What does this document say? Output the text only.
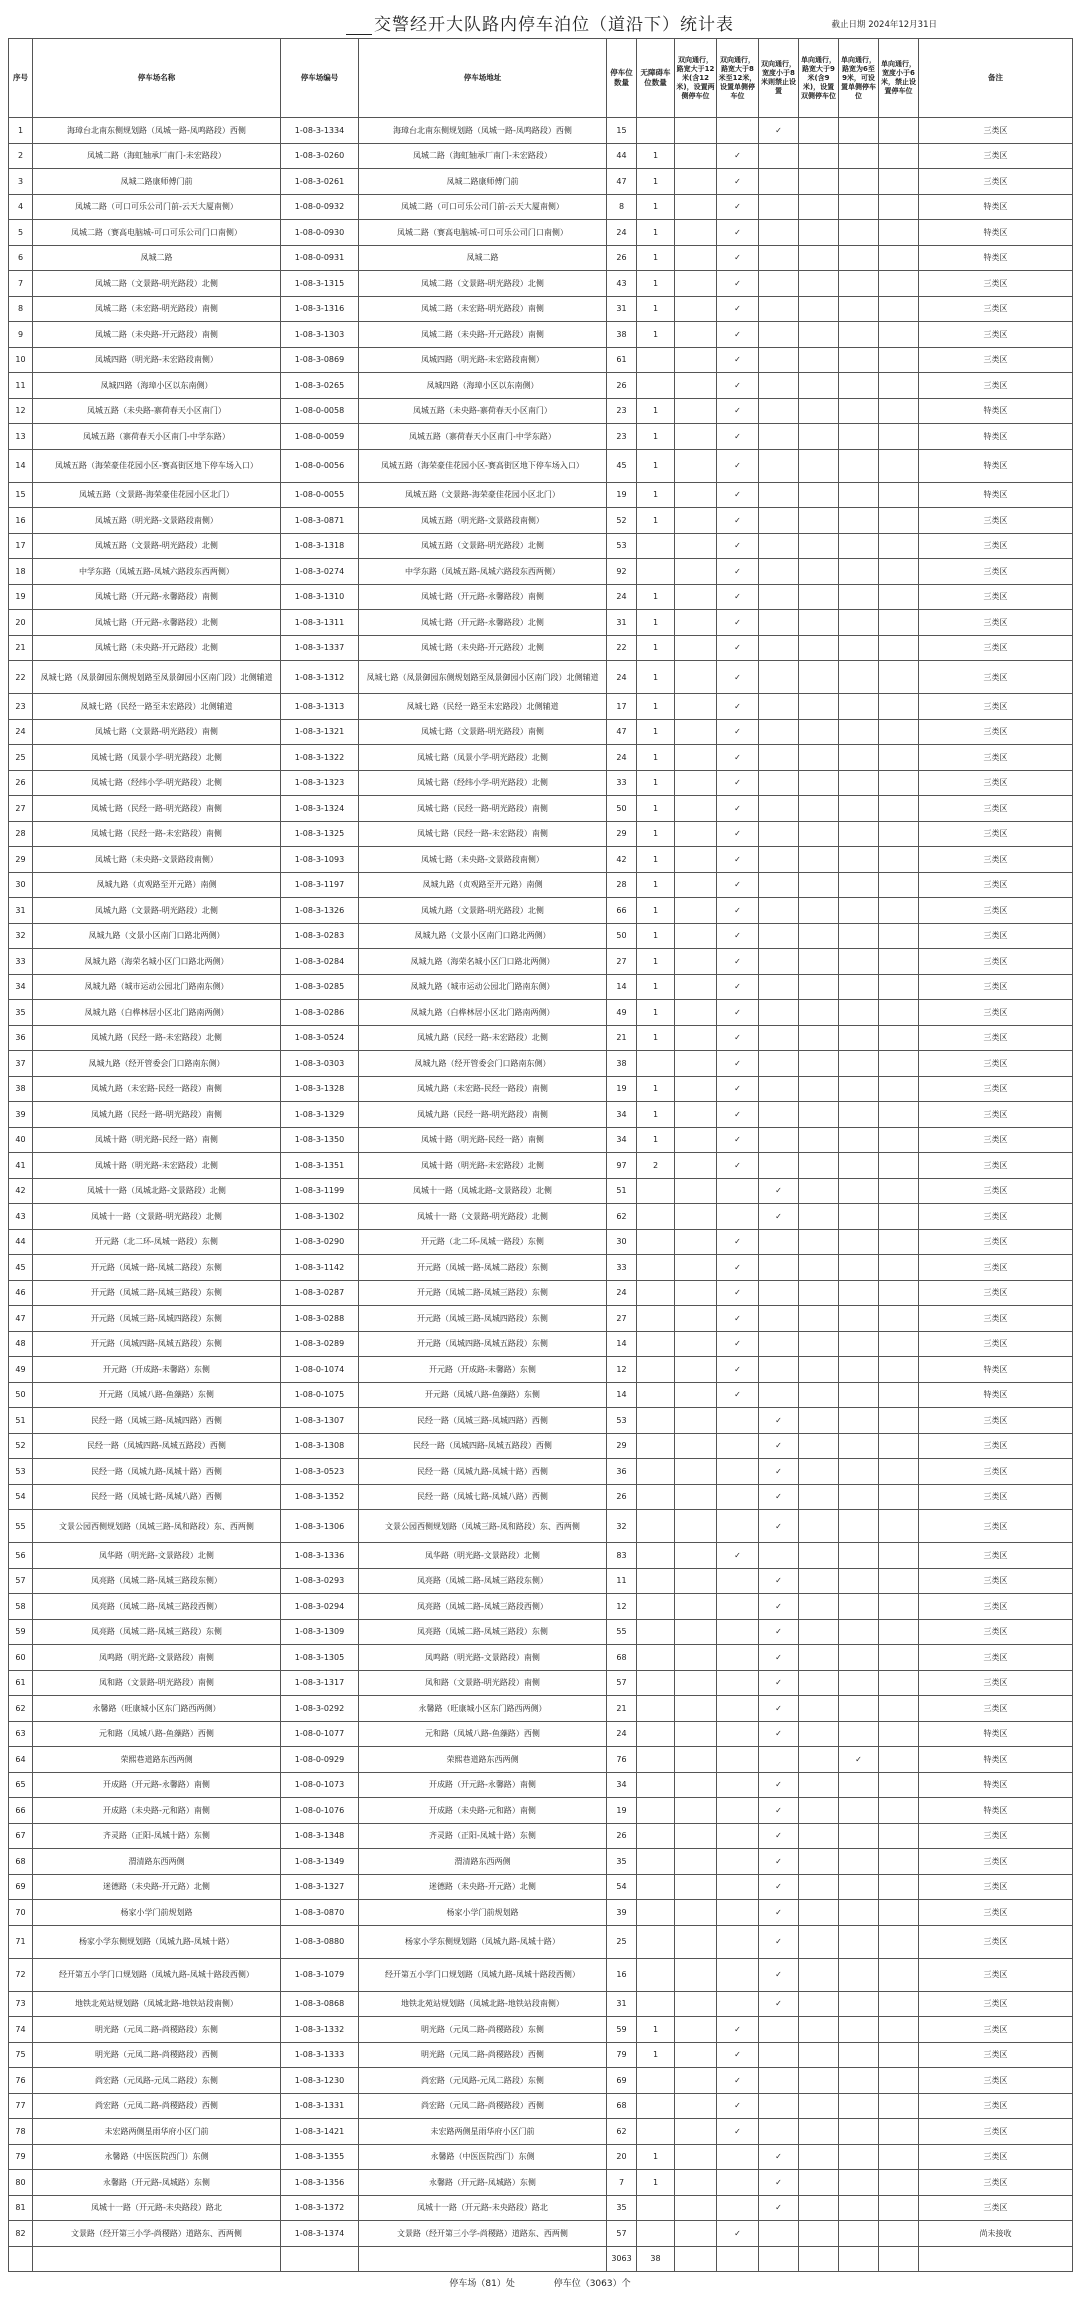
交警经开大队路内停车泊位（道沿下）统计表	截止日期 2024年12月31日
序号	停车场名称	停车场编号	停车场地址	停车位数量	无障碍车位数量	双向通行，路宽大于12米(含12米)，设置两侧停车位	双向通行，路宽大于8米至12米，设置单侧停车位	双向通行，宽度小于8米则禁止设置	单向通行，路宽大于9米(含9米)，设置双侧停车位	单向通行，路宽为6至9米，可设置单侧停车位	单向通行，宽度小于6米，禁止设置停车位	备注
1	海璋台北南东侧规划路（凤城一路-凤鸣路段）西侧	1-08-3-1334	海璋台北南东侧规划路（凤城一路-凤鸣路段）西侧	15				✓				三类区
2	凤城二路（海虹轴承厂南门-未宏路段）	1-08-3-0260	凤城二路（海虹轴承厂南门-未宏路段）	44	1		✓					三类区
3	凤城二路康师傅门前	1-08-3-0261	凤城二路康师傅门前	47	1		✓					三类区
4	凤城二路（可口可乐公司门前-云天大厦南侧）	1-08-0-0932	凤城二路（可口可乐公司门前-云天大厦南侧）	8	1		✓					特类区
5	凤城二路（赛高电脑城-可口可乐公司门口南侧）	1-08-0-0930	凤城二路（赛高电脑城-可口可乐公司门口南侧）	24	1		✓					特类区
6	凤城二路	1-08-0-0931	凤城二路	26	1		✓					特类区
7	凤城二路（文景路-明光路段）北侧	1-08-3-1315	凤城二路（文景路-明光路段）北侧	43	1		✓					三类区
8	凤城二路（未宏路-明光路段）南侧	1-08-3-1316	凤城二路（未宏路-明光路段）南侧	31	1		✓					三类区
9	凤城二路（未央路-开元路段）南侧	1-08-3-1303	凤城二路（未央路-开元路段）南侧	38	1		✓					三类区
10	凤城四路（明光路-未宏路段南侧）	1-08-3-0869	凤城四路（明光路-未宏路段南侧）	61			✓					三类区
11	凤城四路（海璋小区以东南侧）	1-08-3-0265	凤城四路（海璋小区以东南侧）	26			✓					三类区
12	凤城五路（未央路-寨荷春天小区南门）	1-08-0-0058	凤城五路（未央路-寨荷春天小区南门）	23	1		✓					特类区
13	凤城五路（寨荷春天小区南门-中学东路）	1-08-0-0059	凤城五路（寨荷春天小区南门-中学东路）	23	1		✓					特类区
14	凤城五路（海荣豪佳花园小区-赛高街区地下停车场入口）	1-08-0-0056	凤城五路（海荣豪佳花园小区-赛高街区地下停车场入口）	45	1		✓					特类区
15	凤城五路（文景路-海荣豪佳花园小区北门）	1-08-0-0055	凤城五路（文景路-海荣豪佳花园小区北门）	19	1		✓					特类区
16	凤城五路（明光路-文景路段南侧）	1-08-3-0871	凤城五路（明光路-文景路段南侧）	52	1		✓					三类区
17	凤城五路（文景路-明光路段）北侧	1-08-3-1318	凤城五路（文景路-明光路段）北侧	53			✓					三类区
18	中学东路（凤城五路-凤城六路段东西两侧）	1-08-3-0274	中学东路（凤城五路-凤城六路段东西两侧）	92			✓					三类区
19	凤城七路（开元路-永馨路段）南侧	1-08-3-1310	凤城七路（开元路-永馨路段）南侧	24	1		✓					三类区
20	凤城七路（开元路-永馨路段）北侧	1-08-3-1311	凤城七路（开元路-永馨路段）北侧	31	1		✓					三类区
21	凤城七路（未央路-开元路段）北侧	1-08-3-1337	凤城七路（未央路-开元路段）北侧	22	1		✓					三类区
22	凤城七路（凤景御园东侧规划路至凤景御园小区南门段）北侧辅道	1-08-3-1312	凤城七路（凤景御园东侧规划路至凤景御园小区南门段）北侧辅道	24	1		✓					三类区
23	凤城七路（民经一路至未宏路段）北侧辅道	1-08-3-1313	凤城七路（民经一路至未宏路段）北侧辅道	17	1		✓					三类区
24	凤城七路（文景路-明光路段）南侧	1-08-3-1321	凤城七路（文景路-明光路段）南侧	47	1		✓					三类区
25	凤城七路（凤景小学-明光路段）北侧	1-08-3-1322	凤城七路（凤景小学-明光路段）北侧	24	1		✓					三类区
26	凤城七路（经纬小学-明光路段）北侧	1-08-3-1323	凤城七路（经纬小学-明光路段）北侧	33	1		✓					三类区
27	凤城七路（民经一路-明光路段）南侧	1-08-3-1324	凤城七路（民经一路-明光路段）南侧	50	1		✓					三类区
28	凤城七路（民经一路-未宏路段）南侧	1-08-3-1325	凤城七路（民经一路-未宏路段）南侧	29	1		✓					三类区
29	凤城七路（未央路-文景路段南侧）	1-08-3-1093	凤城七路（未央路-文景路段南侧）	42	1		✓					三类区
30	凤城九路（贞观路至开元路）南侧	1-08-3-1197	凤城九路（贞观路至开元路）南侧	28	1		✓					三类区
31	凤城九路（文景路-明光路段）北侧	1-08-3-1326	凤城九路（文景路-明光路段）北侧	66	1		✓					三类区
32	凤城九路（文景小区南门口路北两侧）	1-08-3-0283	凤城九路（文景小区南门口路北两侧）	50	1		✓					三类区
33	凤城九路（海荣名城小区门口路北两侧）	1-08-3-0284	凤城九路（海荣名城小区门口路北两侧）	27	1		✓					三类区
34	凤城九路（城市运动公园北门路南东侧）	1-08-3-0285	凤城九路（城市运动公园北门路南东侧）	14	1		✓					三类区
35	凤城九路（白桦林居小区北门路南两侧）	1-08-3-0286	凤城九路（白桦林居小区北门路南两侧）	49	1		✓					三类区
36	凤城九路（民经一路-未宏路段）北侧	1-08-3-0524	凤城九路（民经一路-未宏路段）北侧	21	1		✓					三类区
37	凤城九路（经开管委会门口路南东侧）	1-08-3-0303	凤城九路（经开管委会门口路南东侧）	38			✓					三类区
38	凤城九路（未宏路-民经一路段）南侧	1-08-3-1328	凤城九路（未宏路-民经一路段）南侧	19	1		✓					三类区
39	凤城九路（民经一路-明光路段）南侧	1-08-3-1329	凤城九路（民经一路-明光路段）南侧	34	1		✓					三类区
40	凤城十路（明光路-民经一路）南侧	1-08-3-1350	凤城十路（明光路-民经一路）南侧	34	1		✓					三类区
41	凤城十路（明光路-未宏路段）北侧	1-08-3-1351	凤城十路（明光路-未宏路段）北侧	97	2		✓					三类区
42	凤城十一路（凤城北路-文景路段）北侧	1-08-3-1199	凤城十一路（凤城北路-文景路段）北侧	51				✓				三类区
43	凤城十一路（文景路-明光路段）北侧	1-08-3-1302	凤城十一路（文景路-明光路段）北侧	62				✓				三类区
44	开元路（北二环-凤城一路段）东侧	1-08-3-0290	开元路（北二环-凤城一路段）东侧	30			✓					三类区
45	开元路（凤城一路-凤城二路段）东侧	1-08-3-1142	开元路（凤城一路-凤城二路段）东侧	33			✓					三类区
46	开元路（凤城二路-凤城三路段）东侧	1-08-3-0287	开元路（凤城二路-凤城三路段）东侧	24			✓					三类区
47	开元路（凤城三路-凤城四路段）东侧	1-08-3-0288	开元路（凤城三路-凤城四路段）东侧	27			✓					三类区
48	开元路（凤城四路-凤城五路段）东侧	1-08-3-0289	开元路（凤城四路-凤城五路段）东侧	14			✓					三类区
49	开元路（开成路-未馨路）东侧	1-08-0-1074	开元路（开成路-未馨路）东侧	12			✓					特类区
50	开元路（凤城八路-鱼藻路）东侧	1-08-0-1075	开元路（凤城八路-鱼藻路）东侧	14			✓					特类区
51	民经一路（凤城三路-凤城四路）西侧	1-08-3-1307	民经一路（凤城三路-凤城四路）西侧	53				✓				三类区
52	民经一路（凤城四路-凤城五路段）西侧	1-08-3-1308	民经一路（凤城四路-凤城五路段）西侧	29				✓				三类区
53	民经一路（凤城九路-凤城十路）西侧	1-08-3-0523	民经一路（凤城九路-凤城十路）西侧	36				✓				三类区
54	民经一路（凤城七路-凤城八路）西侧	1-08-3-1352	民经一路（凤城七路-凤城八路）西侧	26				✓				三类区
55	文景公园西侧规划路（凤城三路-凤和路段）东、西两侧	1-08-3-1306	文景公园西侧规划路（凤城三路-凤和路段）东、西两侧	32				✓				三类区
56	凤华路（明光路-文景路段）北侧	1-08-3-1336	凤华路（明光路-文景路段）北侧	83			✓					三类区
57	凤亮路（凤城二路-凤城三路段东侧）	1-08-3-0293	凤亮路（凤城二路-凤城三路段东侧）	11				✓				三类区
58	凤亮路（凤城二路-凤城三路段西侧）	1-08-3-0294	凤亮路（凤城二路-凤城三路段西侧）	12				✓				三类区
59	凤亮路（凤城二路-凤城三路段）东侧	1-08-3-1309	凤亮路（凤城二路-凤城三路段）东侧	55				✓				三类区
60	凤鸣路（明光路-文景路段）南侧	1-08-3-1305	凤鸣路（明光路-文景路段）南侧	68				✓				三类区
61	凤和路（文景路-明光路段）南侧	1-08-3-1317	凤和路（文景路-明光路段）南侧	57				✓				三类区
62	永馨路（旺康城小区东门路西两侧）	1-08-3-0292	永馨路（旺康城小区东门路西两侧）	21				✓				三类区
63	元和路（凤城八路-鱼藻路）西侧	1-08-0-1077	元和路（凤城八路-鱼藻路）西侧	24				✓				特类区
64	荣熙巷道路东西两侧	1-08-0-0929	荣熙巷道路东西两侧	76						✓		特类区
65	开成路（开元路-永馨路）南侧	1-08-0-1073	开成路（开元路-永馨路）南侧	34				✓				特类区
66	开成路（未央路-元和路）南侧	1-08-0-1076	开成路（未央路-元和路）南侧	19				✓				特类区
67	齐灵路（正阳-凤城十路）东侧	1-08-3-1348	齐灵路（正阳-凤城十路）东侧	26				✓				三类区
68	渭清路东西两侧	1-08-3-1349	渭清路东西两侧	35				✓				三类区
69	迷德路（未央路-开元路）北侧	1-08-3-1327	迷德路（未央路-开元路）北侧	54				✓				三类区
70	杨家小学门前规划路	1-08-3-0870	杨家小学门前规划路	39				✓				三类区
71	杨家小学东侧规划路（凤城九路-凤城十路）	1-08-3-0880	杨家小学东侧规划路（凤城九路-凤城十路）	25				✓				三类区
72	经开第五小学门口规划路（凤城九路-凤城十路段西侧）	1-08-3-1079	经开第五小学门口规划路（凤城九路-凤城十路段西侧）	16				✓				三类区
73	地铁北苑站规划路（凤城北路-地铁站段南侧）	1-08-3-0868	地铁北苑站规划路（凤城北路-地铁站段南侧）	31				✓				三类区
74	明光路（元凤二路-尚稷路段）东侧	1-08-3-1332	明光路（元凤二路-尚稷路段）东侧	59	1		✓					三类区
75	明光路（元凤二路-尚稷路段）西侧	1-08-3-1333	明光路（元凤二路-尚稷路段）西侧	79	1		✓					三类区
76	尚宏路（元凤路-元凤二路段）东侧	1-08-3-1230	尚宏路（元凤路-元凤二路段）东侧	69			✓					三类区
77	尚宏路（元凤二路-尚稷路段）西侧	1-08-3-1331	尚宏路（元凤二路-尚稷路段）西侧	68			✓					三类区
78	未宏路两侧星雨华府小区门前	1-08-3-1421	未宏路两侧星雨华府小区门前	62			✓					三类区
79	永馨路（中医医院西门）东侧	1-08-3-1355	永馨路（中医医院西门）东侧	20	1			✓				三类区
80	永馨路（开元路-凤城路）东侧	1-08-3-1356	永馨路（开元路-凤城路）东侧	7	1			✓				三类区
81	凤城十一路（开元路-未央路段）路北	1-08-3-1372	凤城十一路（开元路-未央路段）路北	35				✓				三类区
82	文景路（经开第三小学-尚稷路）道路东、西两侧	1-08-3-1374	文景路（经开第三小学-尚稷路）道路东、西两侧	57			✓					尚未接收
				3063	38							
停车场（81）处	停车位（3063）个
